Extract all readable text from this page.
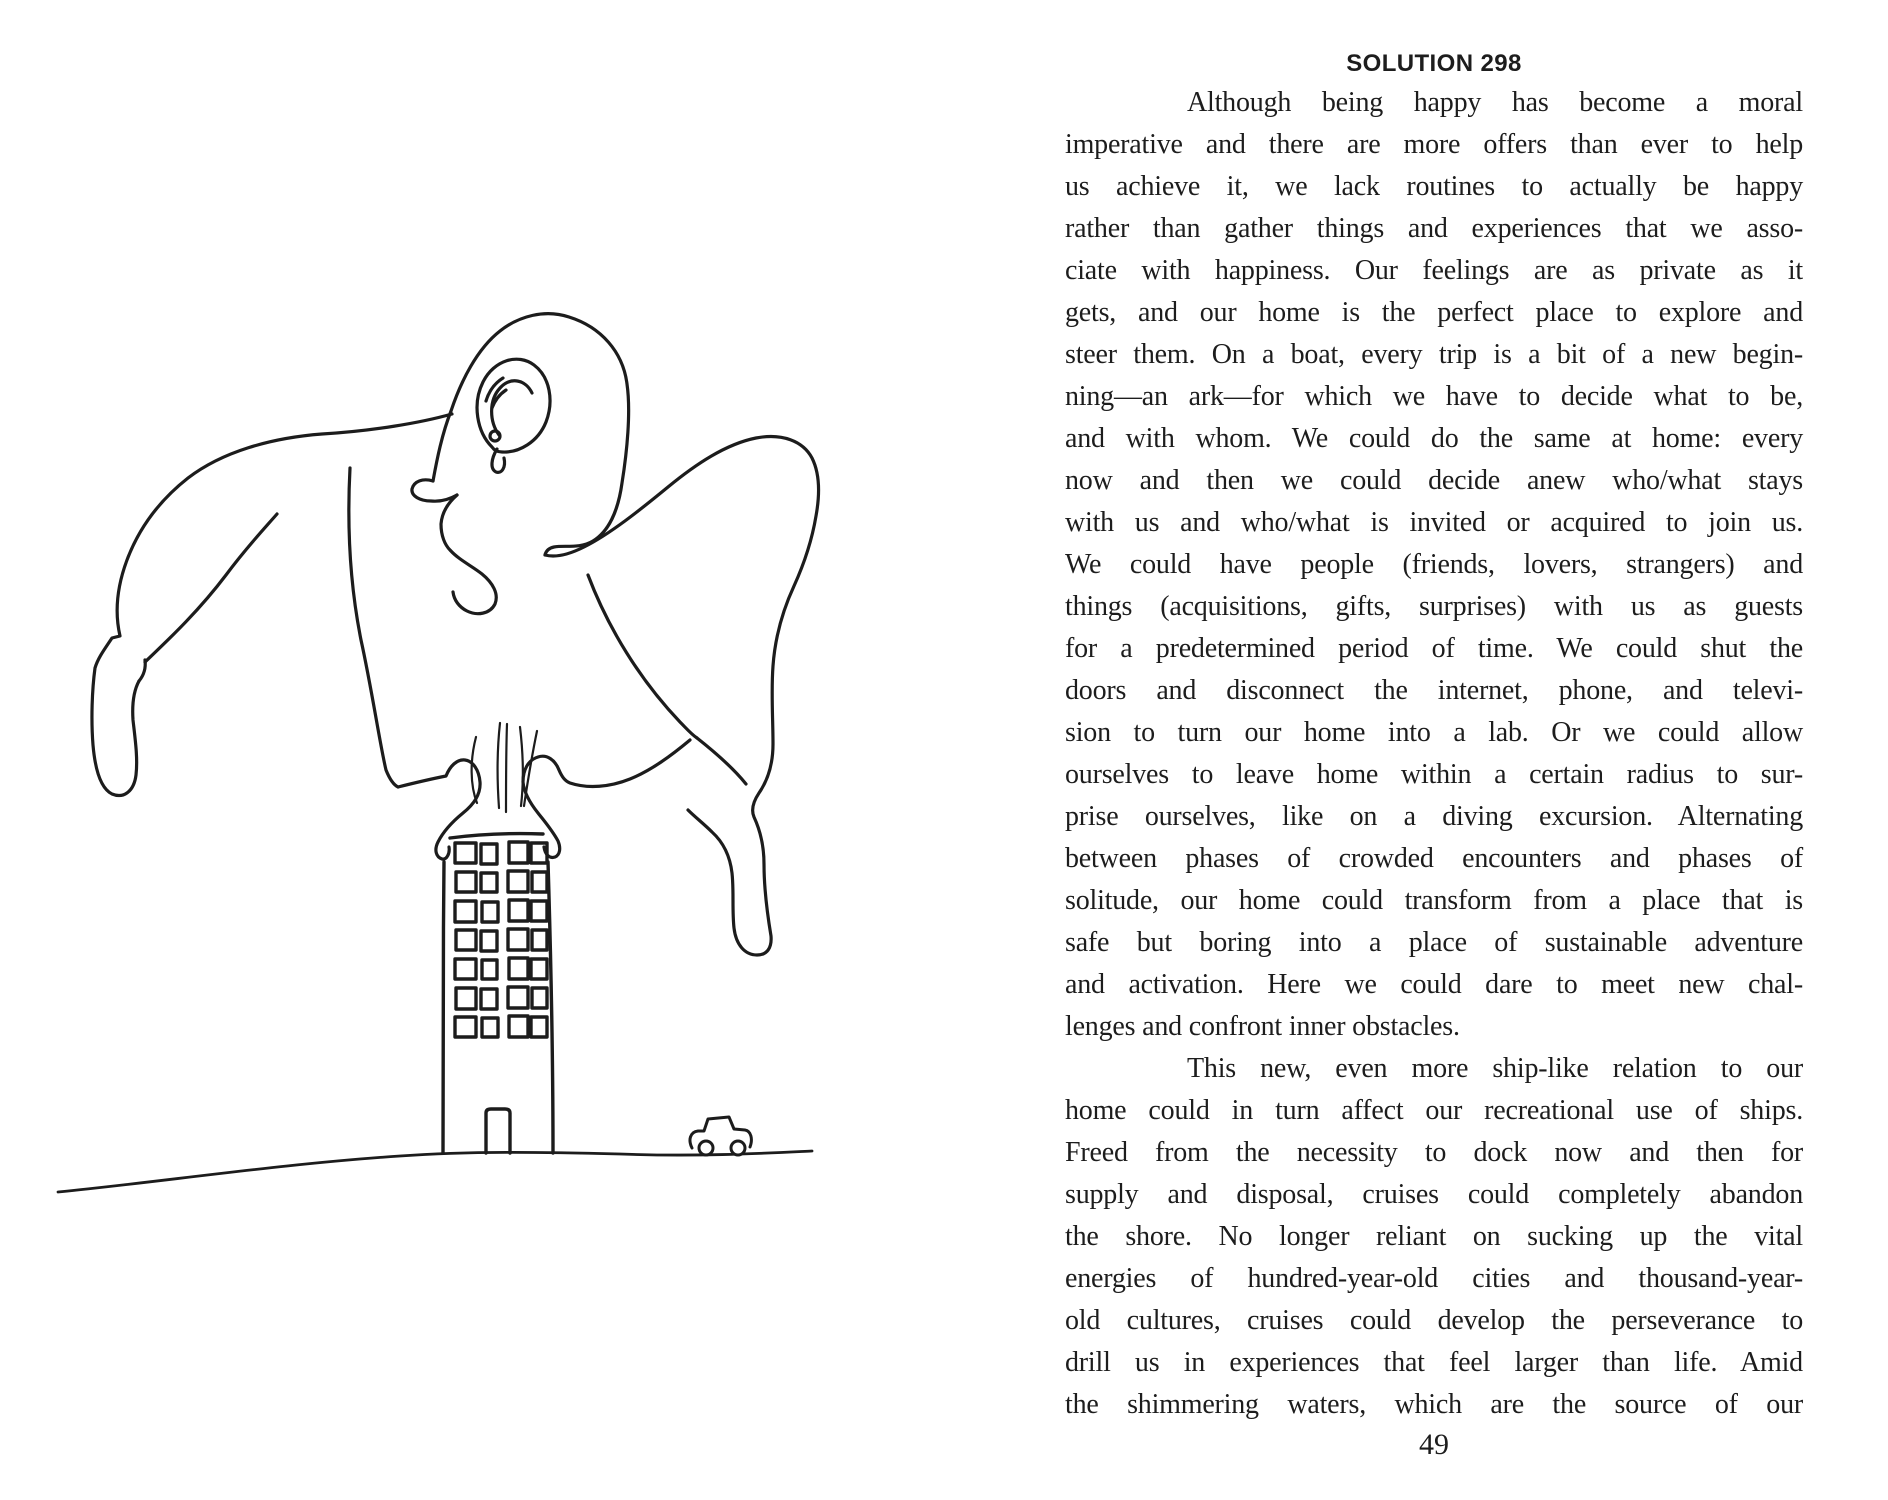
SOLUTION 298
Although being happy has become a moral
imperative and there are more offers than ever to help
us achieve it, we lack routines to actually be happy
rather than gather things and experiences that we asso-
ciate with happiness. Our feelings are as private as it
gets, and our home is the perfect place to explore and
steer them. On a boat, every trip is a bit of a new begin-
ning—an ark—for which we have to decide what to be,
and with whom. We could do the same at home: every
now and then we could decide anew who/what stays
with us and who/what is invited or acquired to join us.
We could have people (friends, lovers, strangers) and
things (acquisitions, gifts, surprises) with us as guests
for a predetermined period of time. We could shut the
doors and disconnect the internet, phone, and televi-
sion to turn our home into a lab. Or we could allow
ourselves to leave home within a certain radius to sur-
prise ourselves, like on a diving excursion. Alternating
between phases of crowded encounters and phases of
solitude, our home could transform from a place that is
safe but boring into a place of sustainable adventure
and activation. Here we could dare to meet new chal-
lenges and confront inner obstacles.
This new, even more ship-like relation to our
home could in turn affect our recreational use of ships.
Freed from the necessity to dock now and then for
supply and disposal, cruises could completely abandon
the shore. No longer reliant on sucking up the vital
energies of hundred-year-old cities and thousand-year-
old cultures, cruises could develop the perseverance to
drill us in experiences that feel larger than life. Amid
the shimmering waters, which are the source of our
49
